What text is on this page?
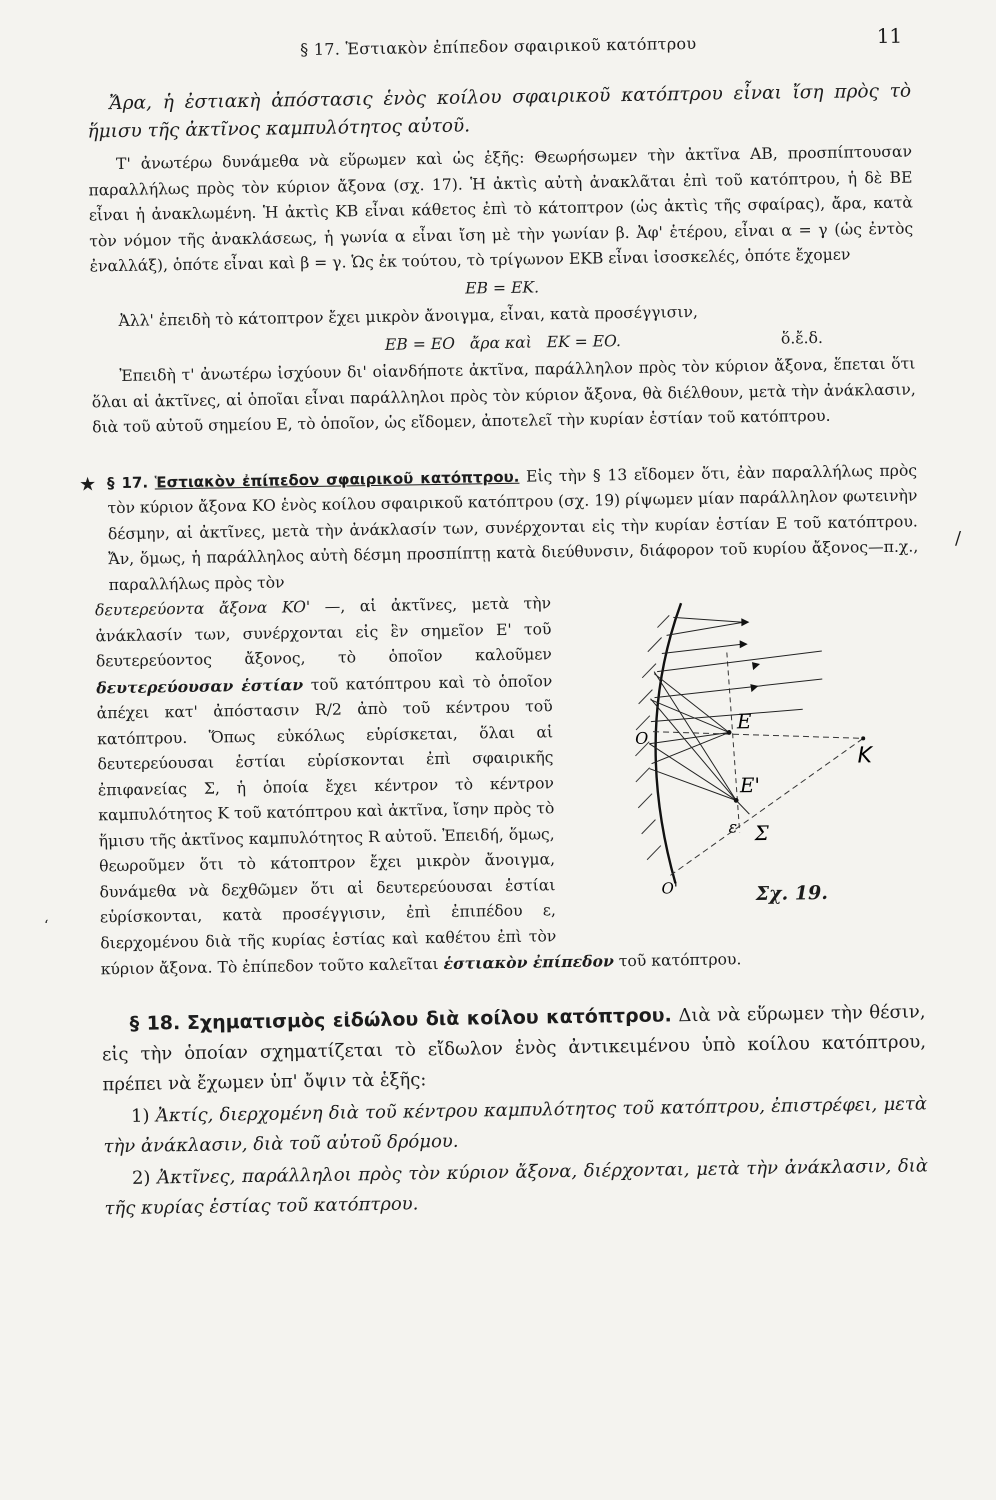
§ 17. Ἑστιακὸν ἐπίπεδον σφαιρικοῦ κατόπτρου	11

Ἄρα, ἡ ἐστιακὴ ἀπόστασις ἑνὸς κοίλου σφαιρικοῦ κατόπτρου εἶναι ἴση πρὸς τὸ ἥμισυ τῆς ἀκτῖνος καμπυλότητος αὐτοῦ.

Τ' ἀνωτέρω δυνάμεθα νὰ εὕρωμεν καὶ ὡς ἑξῆς: Θεωρήσωμεν τὴν ἀκτῖνα AB, προσπίπτουσαν παραλλήλως πρὸς τὸν κύριον ἄξονα (σχ. 17). Ἡ ἀκτὶς αὐτὴ ἀνακλᾶται ἐπὶ τοῦ κατόπτρου, ἡ δὲ BE εἶναι ἡ ἀνακλωμένη. Ἡ ἀκτὶς KB εἶναι κάθετος ἐπὶ τὸ κάτοπτρον (ὡς ἀκτὶς τῆς σφαίρας), ἄρα, κατὰ τὸν νόμον τῆς ἀνακλάσεως, ἡ γωνία α εἶναι ἴση μὲ τὴν γωνίαν β. Ἀφ' ἑτέρου, εἶναι α = γ (ὡς ἐντὸς ἐναλλάξ), ὁπότε εἶναι καὶ β = γ. Ὡς ἐκ τούτου, τὸ τρίγωνον EKB εἶναι ἰσοσκελές, ὁπότε ἔχομεν

EB = EK.

Ἀλλ' ἐπειδὴ τὸ κάτοπτρον ἔχει μικρὸν ἄνοιγμα, εἶναι, κατὰ προσέγγισιν,

EB = EO   ἄρα καὶ   EK = EO.	ὅ.ἔ.δ.

Ἐπειδὴ τ' ἀνωτέρω ἰσχύουν δι' οἱανδήποτε ἀκτῖνα, παράλληλον πρὸς τὸν κύριον ἄξονα, ἕπεται ὅτι ὅλαι αἱ ἀκτῖνες, αἱ ὁποῖαι εἶναι παράλληλοι πρὸς τὸν κύριον ἄξονα, θὰ διέλθουν, μετὰ τὴν ἀνάκλασιν, διὰ τοῦ αὐτοῦ σημείου E, τὸ ὁποῖον, ὡς εἴδομεν, ἀποτελεῖ τὴν κυρίαν ἑστίαν τοῦ κατόπτρου.

★ § 17. Ἑστιακὸν ἐπίπεδον σφαιρικοῦ κατόπτρου. Εἰς τὴν § 13 εἴδομεν ὅτι, ἐὰν παραλλήλως πρὸς τὸν κύριον ἄξονα KO ἑνὸς κοίλου σφαιρικοῦ κατόπτρου (σχ. 19) ρίψωμεν μίαν παράλληλον φωτεινὴν δέσμην, αἱ ἀκτῖνες, μετὰ τὴν ἀνάκλασίν των, συνέρχονται εἰς τὴν κυρίαν ἑστίαν E τοῦ κατόπτρου. Ἄν, ὅμως, ἡ παράλληλος αὐτὴ δέσμη προσπίπτῃ κατὰ διεύθυνσιν, διάφορον τοῦ κυρίου ἄξονος—π.χ., παραλλήλως πρὸς τὸν

O
O'
E
E'
K
ε Σ
Σχ. 19.

δευτερεύοντα ἄξονα KO' —, αἱ ἀκτῖνες, μετὰ τὴν ἀνάκλασίν των, συνέρχονται εἰς ἓν σημεῖον E' τοῦ δευτερεύοντος ἄξονος, τὸ ὁποῖον καλοῦμεν δευτερεύουσαν ἑστίαν τοῦ κατόπτρου καὶ τὸ ὁποῖον ἀπέχει κατ' ἀπόστασιν R/2 ἀπὸ τοῦ κέντρου τοῦ κατόπτρου. Ὅπως εὐκόλως εὑρίσκεται, ὅλαι αἱ δευτερεύουσαι ἑστίαι εὑρίσκονται ἐπὶ σφαιρικῆς ἐπιφανείας Σ, ἡ ὁποία ἔχει κέντρον τὸ κέντρον καμπυλότητος K τοῦ κατόπτρου καὶ ἀκτῖνα, ἴσην πρὸς τὸ ἥμισυ τῆς ἀκτῖνος καμπυλότητος R αὐτοῦ. Ἐπειδή, ὅμως, θεωροῦμεν ὅτι τὸ κάτοπτρον ἔχει μικρὸν ἄνοιγμα, δυνάμεθα νὰ δεχθῶμεν ὅτι αἱ δευτερεύουσαι ἑστίαι εὑρίσκονται, κατὰ προσέγγισιν, ἐπὶ ἐπιπέδου ε, διερχομένου διὰ τῆς κυρίας ἑστίας καὶ καθέτου ἐπὶ τὸν κύριον ἄξονα. Τὸ ἐπίπεδον τοῦτο καλεῖται ἑστιακὸν ἐπίπεδον τοῦ κατόπτρου.

§ 18. Σχηματισμὸς εἰδώλου διὰ κοίλου κατόπτρου. Διὰ νὰ εὕρωμεν τὴν θέσιν, εἰς τὴν ὁποίαν σχηματίζεται τὸ εἴδωλον ἑνὸς ἀντικειμένου ὑπὸ κοίλου κατόπτρου, πρέπει νὰ ἔχωμεν ὑπ' ὄψιν τὰ ἑξῆς:

1) Ἀκτίς, διερχομένη διὰ τοῦ κέντρου καμπυλότητος τοῦ κατόπτρου, ἐπιστρέφει, μετὰ τὴν ἀνάκλασιν, διὰ τοῦ αὐτοῦ δρόμου.

2) Ἀκτῖνες, παράλληλοι πρὸς τὸν κύριον ἄξονα, διέρχονται, μετὰ τὴν ἀνάκλασιν, διὰ τῆς κυρίας ἑστίας τοῦ κατόπτρου.

/
ʻ
